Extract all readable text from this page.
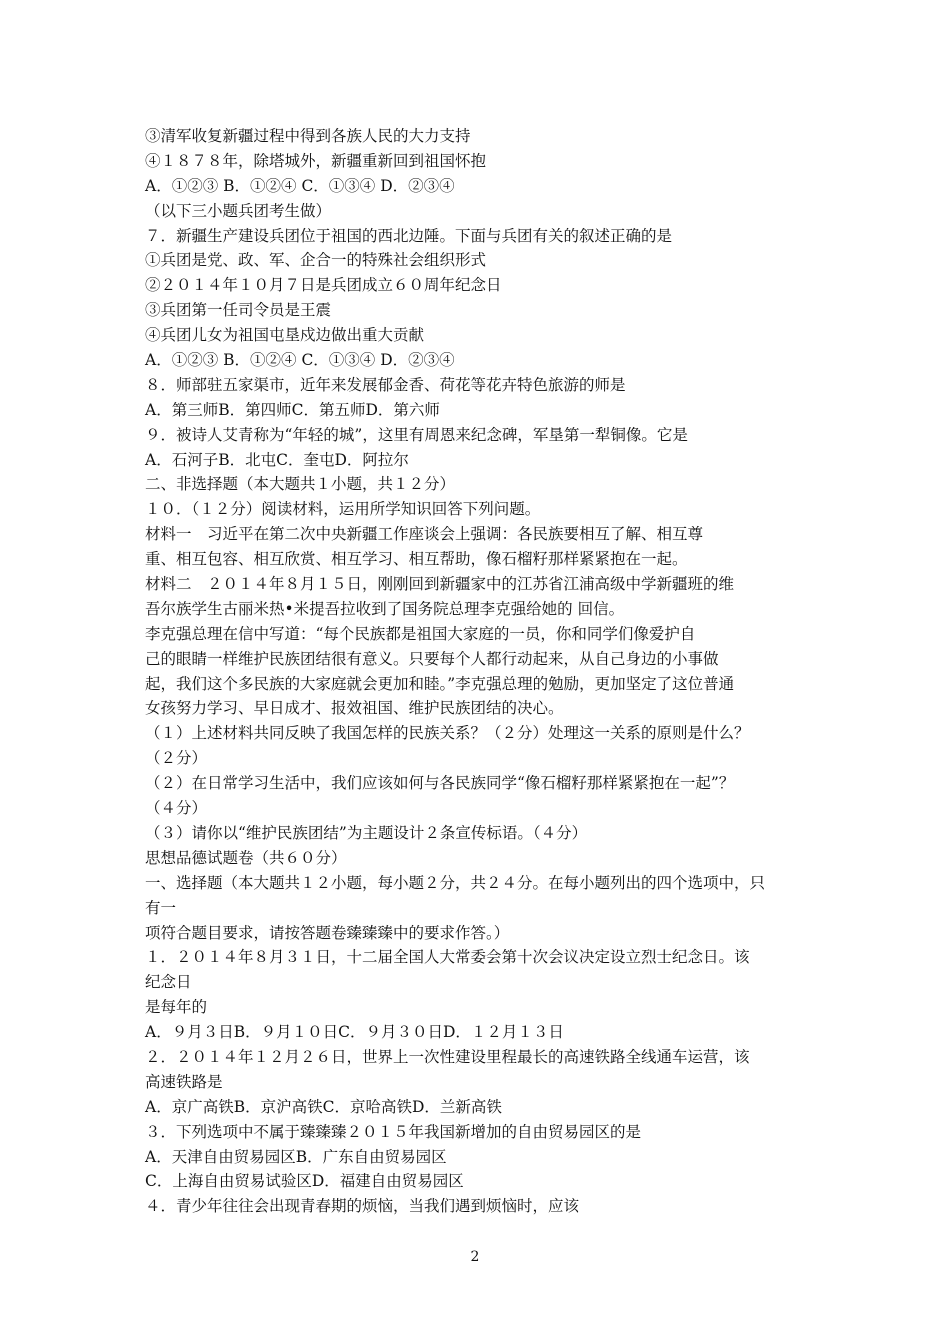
③清军收复新疆过程中得到各族人民的大力支持
④１８７８年，除塔城外，新疆重新回到祖国怀抱
A．①②③ B．①②④ C．①③④ D．②③④
（以下三小题兵团考生做）
７．新疆生产建设兵团位于祖国的西北边陲。下面与兵团有关的叙述正确的是
①兵团是党、政、军、企合一的特殊社会组织形式
②２０１４年１０月７日是兵团成立６０周年纪念日
③兵团第一任司令员是王震
④兵团儿女为祖国屯垦戍边做出重大贡献
A．①②③ B．①②④ C．①③④ D．②③④
８．师部驻五家渠市，近年来发展郁金香、荷花等花卉特色旅游的师是
A．第三师B．第四师C．第五师D．第六师
９．被诗人艾青称为“年轻的城”，这里有周恩来纪念碑，军垦第一犁铜像。它是
A．石河子B．北屯C．奎屯D．阿拉尔
二、非选择题（本大题共１小题，共１２分）
１０．（１２分）阅读材料，运用所学知识回答下列问题。
材料一　习近平在第二次中央新疆工作座谈会上强调：各民族要相互了解、相互尊
重、相互包容、相互欣赏、相互学习、相互帮助，像石榴籽那样紧紧抱在一起。
材料二　２０１４年８月１５日，刚刚回到新疆家中的江苏省江浦高级中学新疆班的维
吾尔族学生古丽米热•米提吾拉收到了国务院总理李克强给她的 回信。
李克强总理在信中写道：“每个民族都是祖国大家庭的一员，你和同学们像爱护自
己的眼睛一样维护民族团结很有意义。只要每个人都行动起来，从自己身边的小事做
起，我们这个多民族的大家庭就会更加和睦。”李克强总理的勉励，更加坚定了这位普通
女孩努力学习、早日成才、报效祖国、维护民族团结的决心。
（１）上述材料共同反映了我国怎样的民族关系？（２分）处理这一关系的原则是什么？
（２分）
（２）在日常学习生活中，我们应该如何与各民族同学“像石榴籽那样紧紧抱在一起”？
（４分）
（３）请你以“维护民族团结”为主题设计２条宣传标语。（４分）
思想品德试题卷（共６０分）
一、选择题（本大题共１２小题，每小题２分，共２４分。在每小题列出的四个选项中，只
有一
项符合题目要求，请按答题卷臻臻臻中的要求作答。）
１．２０１４年８月３１日，十二届全国人大常委会第十次会议决定设立烈士纪念日。该
纪念日
是每年的
A．９月３日B．９月１０日C．９月３０日D．１２月１３日
２．２０１４年１２月２６日，世界上一次性建设里程最长的高速铁路全线通车运营，该
高速铁路是
A．京广高铁B．京沪高铁C．京哈高铁D．兰新高铁
３．下列选项中不属于臻臻臻２０１５年我国新增加的自由贸易园区的是
A．天津自由贸易园区B．广东自由贸易园区
C．上海自由贸易试验区D．福建自由贸易园区
４．青少年往往会出现青春期的烦恼，当我们遇到烦恼时，应该
2
